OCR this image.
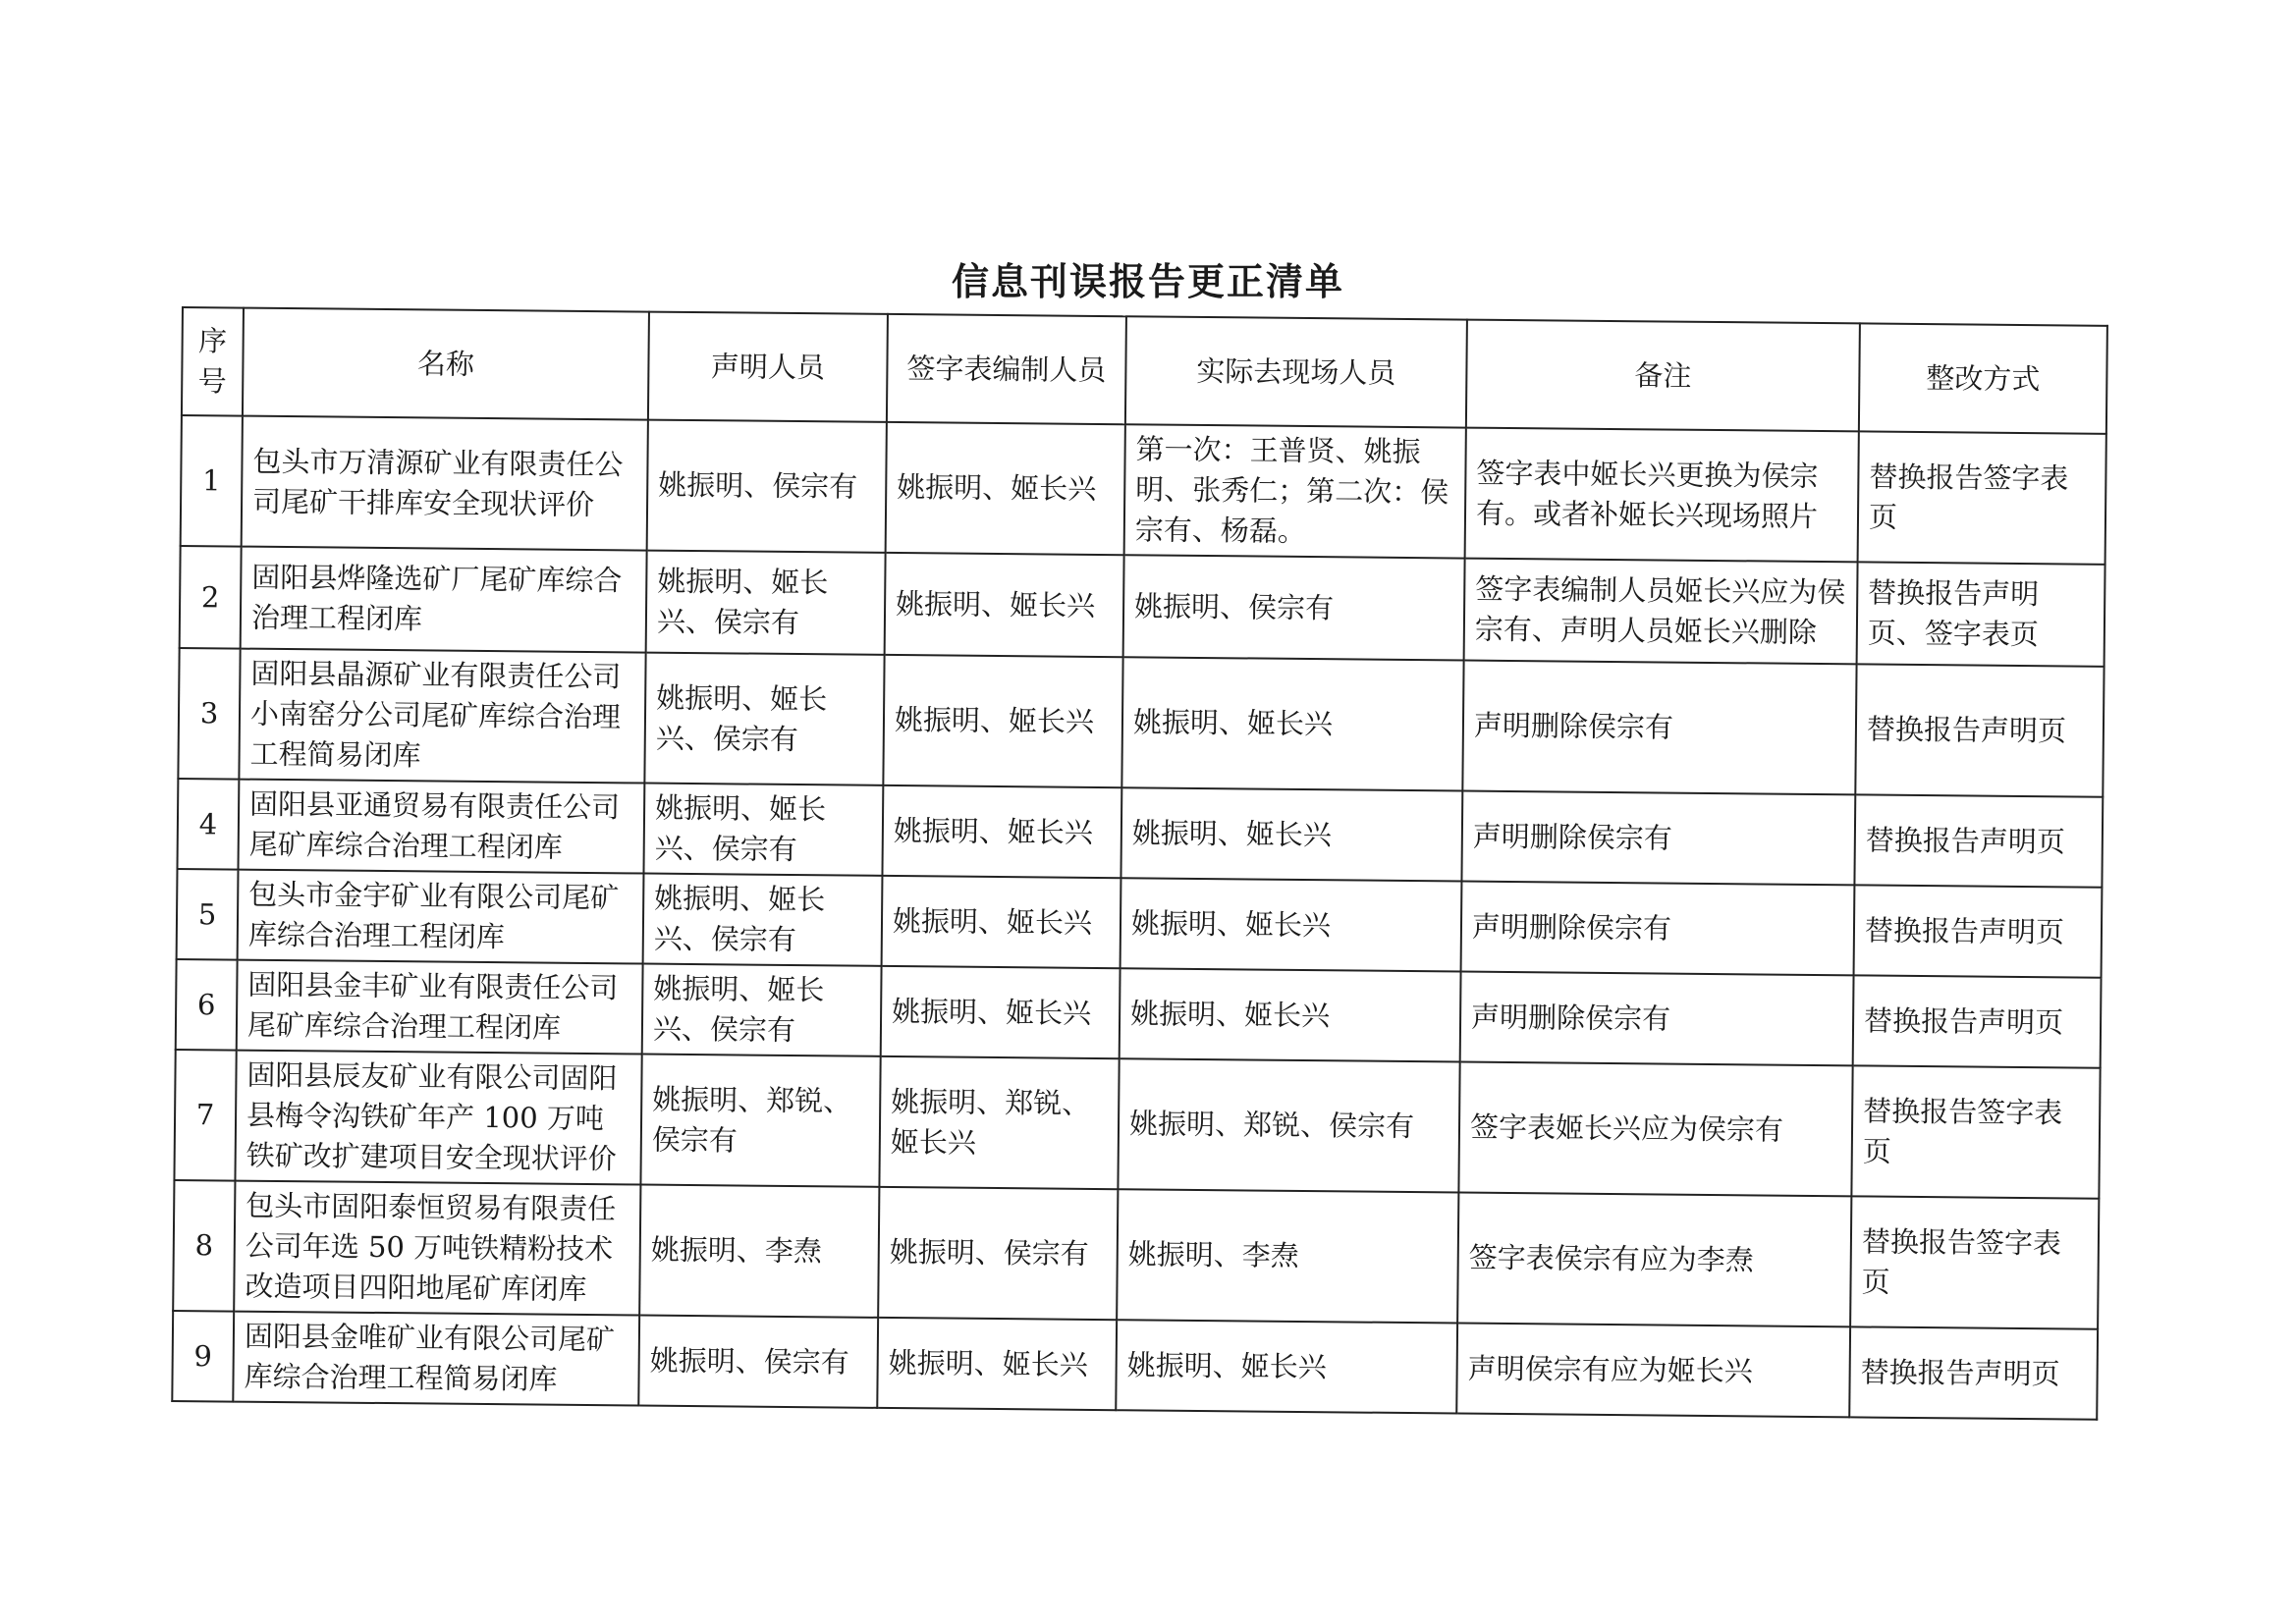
信息刊误报告更正清单
序号	名称	声明人员	签字表编制人员	实际去现场人员	备注	整改方式
1	包头市万清源矿业有限责任公司尾矿干排库安全现状评价	姚振明、侯宗有	姚振明、姬长兴	第一次：王普贤、姚振明、张秀仁；第二次：侯宗有、杨磊。	签字表中姬长兴更换为侯宗有。或者补姬长兴现场照片	替换报告签字表页
2	固阳县烨隆选矿厂尾矿库综合治理工程闭库	姚振明、姬长兴、侯宗有	姚振明、姬长兴	姚振明、侯宗有	签字表编制人员姬长兴应为侯宗有、声明人员姬长兴删除	替换报告声明页、签字表页
3	固阳县晶源矿业有限责任公司小南窑分公司尾矿库综合治理工程简易闭库	姚振明、姬长兴、侯宗有	姚振明、姬长兴	姚振明、姬长兴	声明删除侯宗有	替换报告声明页
4	固阳县亚通贸易有限责任公司尾矿库综合治理工程闭库	姚振明、姬长兴、侯宗有	姚振明、姬长兴	姚振明、姬长兴	声明删除侯宗有	替换报告声明页
5	包头市金宇矿业有限公司尾矿库综合治理工程闭库	姚振明、姬长兴、侯宗有	姚振明、姬长兴	姚振明、姬长兴	声明删除侯宗有	替换报告声明页
6	固阳县金丰矿业有限责任公司尾矿库综合治理工程闭库	姚振明、姬长兴、侯宗有	姚振明、姬长兴	姚振明、姬长兴	声明删除侯宗有	替换报告声明页
7	固阳县辰友矿业有限公司固阳县梅令沟铁矿年产 100 万吨铁矿改扩建项目安全现状评价	姚振明、郑锐、侯宗有	姚振明、郑锐、姬长兴	姚振明、郑锐、侯宗有	签字表姬长兴应为侯宗有	替换报告签字表页
8	包头市固阳泰恒贸易有限责任公司年选 50 万吨铁精粉技术改造项目四阳地尾矿库闭库	姚振明、李焘	姚振明、侯宗有	姚振明、李焘	签字表侯宗有应为李焘	替换报告签字表页
9	固阳县金唯矿业有限公司尾矿库综合治理工程简易闭库	姚振明、侯宗有	姚振明、姬长兴	姚振明、姬长兴	声明侯宗有应为姬长兴	替换报告声明页
